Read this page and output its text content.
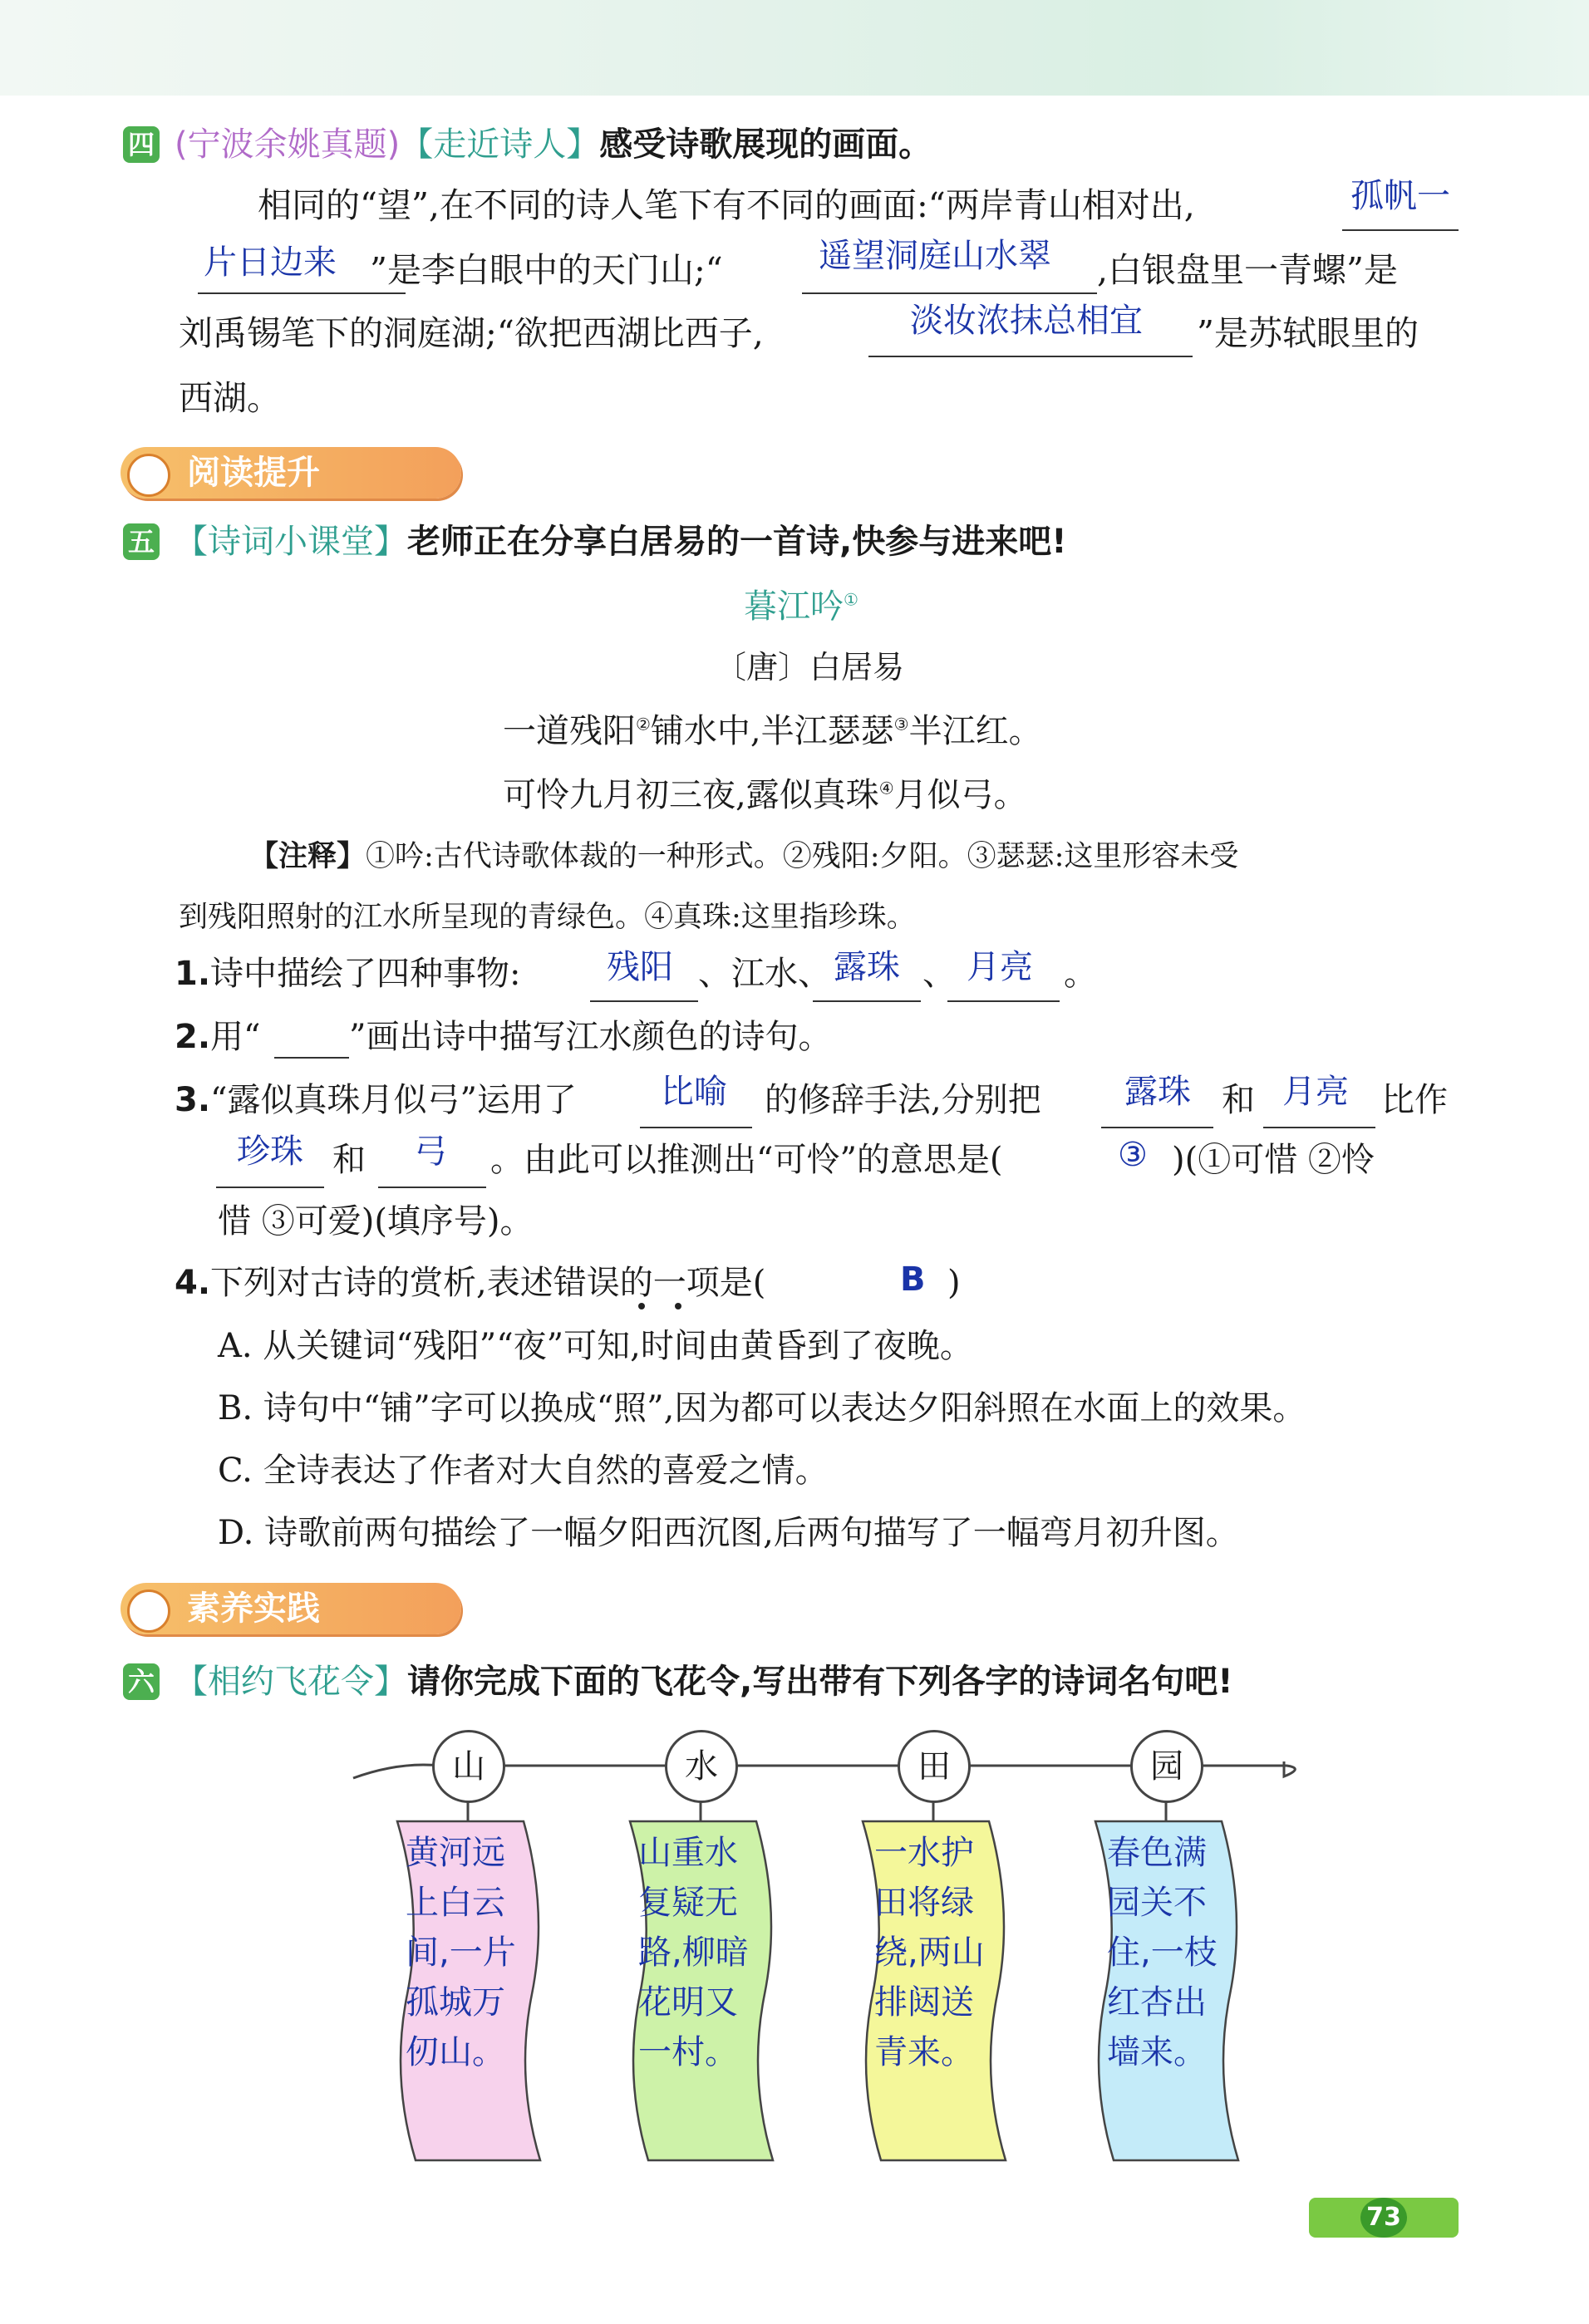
四 (宁波余姚真题)【走近诗人】感受诗歌展现的画面。
相同的“望”,在不同的诗人笔下有不同的画面:“两岸青山相对出,	孤帆一
片日边来 ”是李白眼中的天门山;“	遥望洞庭山水翠 ,白银盘里一青螺”是
刘禹锡笔下的洞庭湖;“欲把西湖比西子,	淡妆浓抹总相宜 ”是苏轼眼里的
西湖。
阅读提升
五 【诗词小课堂】老师正在分享白居易的一首诗,快参与进来吧!
暮江吟①
〔唐〕白居易
一道残阳②铺水中,半江瑟瑟③半江红。
可怜九月初三夜,露似真珠④月似弓。
【注释】①吟:古代诗歌体裁的一种形式。②残阳:夕阳。③瑟瑟:这里形容未受
到残阳照射的江水所呈现的青绿色。④真珠:这里指珍珠。
1.诗中描绘了四种事物:	残阳 、江水、 露珠 、 月亮 。
2.用“	”画出诗中描写江水颜色的诗句。
3.“露似真珠月似弓”运用了	比喻 的修辞手法,分别把	露珠 和 月亮 比作
珍珠 和 弓 。由此可以推测出“可怜”的意思是(	③ )(①可惜 ②怜
惜 ③可爱)(填序号)。
4.下列对古诗的赏析,表述错误的一项是(	B )
A. 从关键词“残阳”“夜”可知,时间由黄昏到了夜晚。
B. 诗句中“铺”字可以换成“照”,因为都可以表达夕阳斜照在水面上的效果。
C. 全诗表达了作者对大自然的喜爱之情。
D. 诗歌前两句描绘了一幅夕阳西沉图,后两句描写了一幅弯月初升图。
素养实践
六 【相约飞花令】请你完成下面的飞花令,写出带有下列各字的诗词名句吧!
山	水	田	园
黄河远上白云间,一片孤城万仞山。
山重水复疑无路,柳暗花明又一村。
一水护田将绿绕,两山排闼送青来。
春色满园关不住,一枝红杏出墙来。
73
